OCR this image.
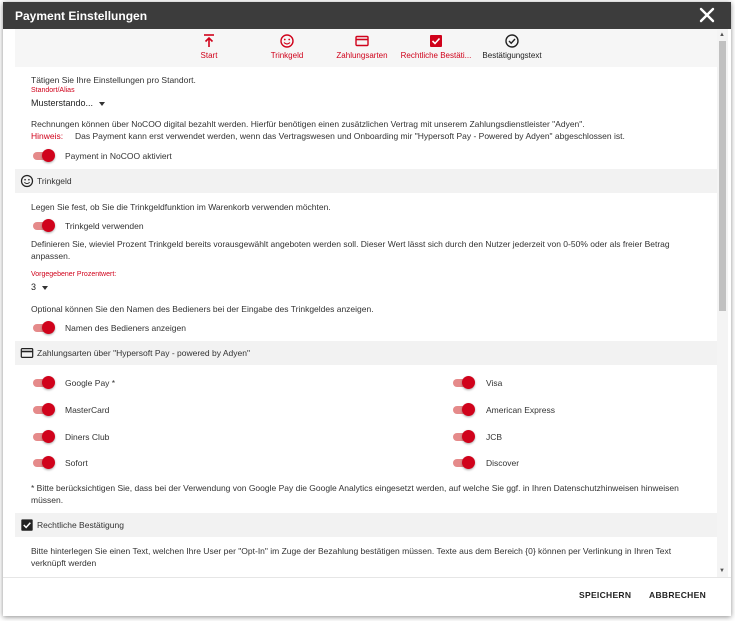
Payment Einstellungen
Start	Trinkgeld	Zahlungsarten	Rechtliche Bestäti...	Bestätigungstext
Tätigen Sie Ihre Einstellungen pro Standort.
Standort/Alias
Musterstando...
Rechnungen können über NoCOO digital bezahlt werden. Hierfür benötigen einen zusätzlichen Vertrag mit unserem Zahlungsdienstleister "Adyen".
Hinweis: Das Payment kann erst verwendet werden, wenn das Vertragswesen und Onboarding mir "Hypersoft Pay - Powered by Adyen" abgeschlossen ist.
Payment in NoCOO aktiviert
Trinkgeld
Legen Sie fest, ob Sie die Trinkgeldfunktion im Warenkorb verwenden möchten.
Trinkgeld verwenden
Definieren Sie, wieviel Prozent Trinkgeld bereits vorausgewählt angeboten werden soll. Dieser Wert lässt sich durch den Nutzer jederzeit von 0-50% oder als freier Betrag anpassen.
Vorgegebener Prozentwert:
3
Optional können Sie den Namen des Bedieners bei der Eingabe des Trinkgeldes anzeigen.
Namen des Bedieners anzeigen
Zahlungsarten über "Hypersoft Pay - powered by Adyen"
Google Pay *
MasterCard
Diners Club
Sofort
Visa
American Express
JCB
Discover
* Bitte berücksichtigen Sie, dass bei der Verwendung von Google Pay die Google Analytics eingesetzt werden, auf welche Sie ggf. in Ihren Datenschutzhinweisen hinweisen müssen.
Rechtliche Bestätigung
Bitte hinterlegen Sie einen Text, welchen Ihre User per "Opt-In" im Zuge der Bezahlung bestätigen müssen. Texte aus dem Bereich {0} können per Verlinkung in Ihren Text verknüpft werden
▲
▼
SPEICHERN ABBRECHEN
